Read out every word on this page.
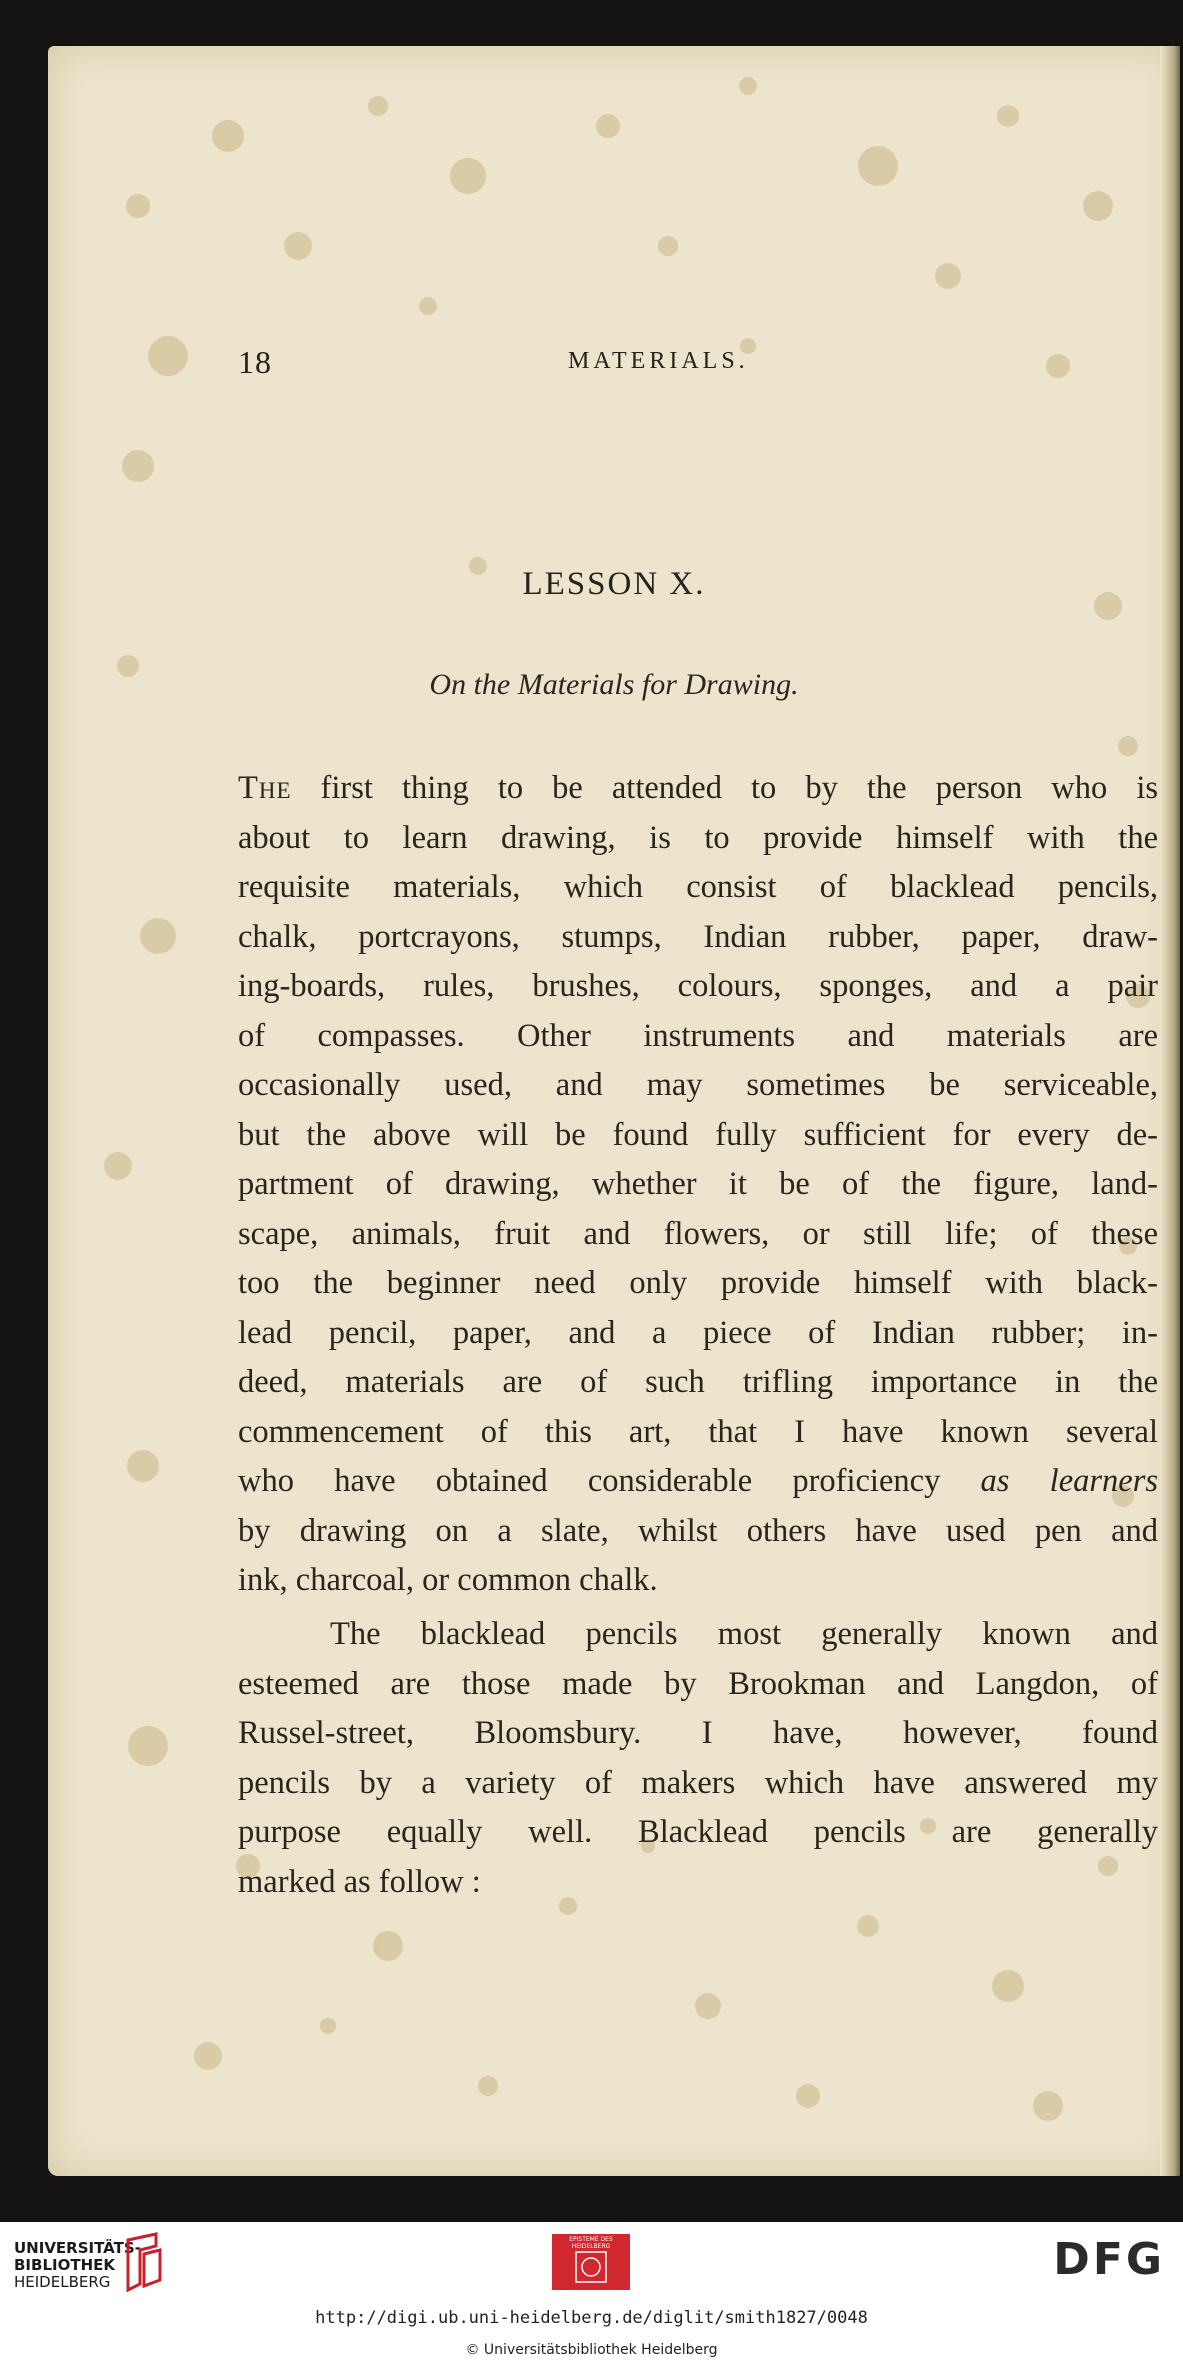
18	MATERIALS.
LESSON X.
On the Materials for Drawing.
The first thing to be attended to by the person who is
about to learn drawing, is to provide himself with the
requisite materials, which consist of blacklead pencils,
chalk, portcrayons, stumps, Indian rubber, paper, draw-
ing-boards, rules, brushes, colours, sponges, and a pair
of compasses. Other instruments and materials are
occasionally used, and may sometimes be serviceable,
but the above will be found fully sufficient for every de-
partment of drawing, whether it be of the figure, land-
scape, animals, fruit and flowers, or still life; of these
too the beginner need only provide himself with black-
lead pencil, paper, and a piece of Indian rubber; in-
deed, materials are of such trifling importance in the
commencement of this art, that I have known several
who have obtained considerable proficiency as learners
by drawing on a slate, whilst others have used pen and
ink, charcoal, or common chalk.
The blacklead pencils most generally known and
esteemed are those made by Brookman and Langdon, of
Russel-street, Bloomsbury. I have, however, found
pencils by a variety of makers which have answered my
purpose equally well. Blacklead pencils are generally
marked as follow :
UNIVERSITÄTS-
BIBLIOTHEK
HEIDELBERG
EPISTEMÉ DES HEIDELBERG	DFG
http://digi.ub.uni-heidelberg.de/diglit/smith1827/0048
© Universitätsbibliothek Heidelberg
